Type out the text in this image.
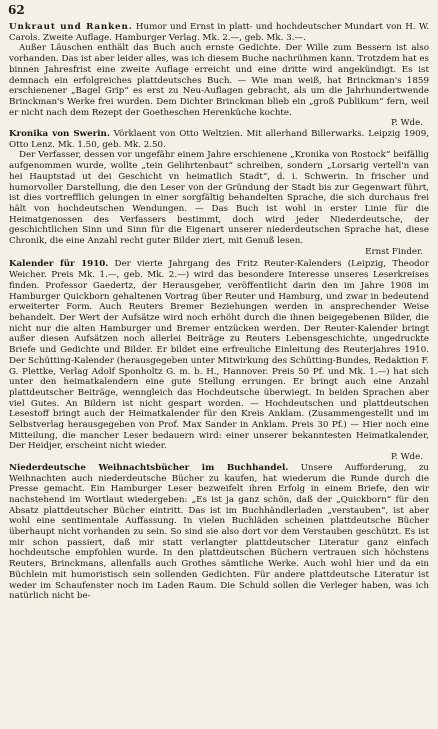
62

Unkraut und Ranken. Humor und Ernst in platt- und hochdeutscher Mundart von H. W. Carols. Zweite Auflage. Hamburger Verlag. Mk. 2.—, geb. Mk. 3.—.

Außer Läuschen enthält das Buch auch ernste Gedichte. Der Wille zum Bessern ist also vorhanden. Das ist aber leider alles, was ich diesem Buche nachrühmen kann. Trotzdem hat es binnen Jahresfrist eine zweite Auflage erreicht und eine dritte wird angekündigt. Es ist demnach ein erfolgreiches plattdeutsches Buch. — Wie man weiß, hat Brinckman's 1859 erschienener „Bagel Grip“ es erst zu Neu-Auflagen gebracht, als um die Jahrhundertwende Brinckman's Werke frei wurden. Dem Dichter Brinckman blieb ein „groß Publikum“ fern, weil er nicht nach dem Rezept der Goetheschen Herenküche kochte.

P. Wde.

Kronika von Swerin. Vörklaent von Otto Weltzien. Mit allerhand Billerwarks. Leipzig 1909, Otto Lenz. Mk. 1.50, geb. Mk. 2.50.

Der Verfasser, dessen vor ungefähr einem Jahre erschienene „Kronika von Rostock“ beifällig aufgenommen wurde, wollte „tein Gelihrtenbaut“ schreiben, sondern „Lorsarig vertell'n van hei Hauptstad ut dei Geschicht vn heimatlich Stadt“, d. i. Schwerin. In frischer und humorvoller Darstellung, die den Leser von der Gründung der Stadt bis zur Gegenwart führt, ist dies vortrefflich gelungen in einer sorgfältig behandelten Sprache, die sich durchaus frei hält von hochdeutschen Wendungen. — Das Buch ist wohl in erster Linie für die Heimatgenossen des Verfassers bestimmt, doch wird jeder Niederdeutsche, der geschichtlichen Sinn und Sinn für die Eigenart unserer niederdeutschen Sprache hat, diese Chronik, die eine Anzahl recht guter Bilder ziert, mit Genuß lesen.

Ernst Finder.

Kalender für 1910. Der vierte Jahrgang des Fritz Reuter-Kalenders (Leipzig, Theodor Weicher. Preis Mk. 1.—, geb. Mk. 2.—) wird das besondere Interesse unseres Leserkreises finden. Professor Gaedertz, der Herausgeber, veröffentlicht darin den im Jahre 1908 im Hamburger Quickborn gehaltenen Vortrag über Reuter und Hamburg, und zwar in bedeutend erweiterter Form. Auch Reuters Bremer Beziehungen werden in ansprechender Weise behandelt. Der Wert der Aufsätze wird noch erhöht durch die ihnen beigegebenen Bilder, die nicht nur die alten Hamburger und Bremer entzücken werden. Der Reuter-Kalender bringt außer diesen Aufsätzen noch allerlei Beiträge zu Reuters Lebensgeschichte, ungedruckte Briefe und Gedichte und Bilder. Er bildet eine erfreuliche Einleitung des Reuterjahres 1910. Der Schütting-Kalender (herausgegeben unter Mitwirkung des Schütting-Bundes, Redaktion F. G. Plettke, Verlag Adolf Sponholtz G. m. b. H., Hannover. Preis 50 Pf. und Mk. 1.—) hat sich unter den heimatkalendern eine gute Stellung errungen. Er bringt auch eine Anzahl plattdeutscher Beiträge, wenngleich das Hochdeutsche überwiegt. In beiden Sprachen aber viel Gutes. An Bildern ist nicht gespart worden. — Hochdeutschen und plattdeutschen Lesestoff bringt auch der Heimatkalender für den Kreis Anklam. (Zusammengestellt und im Selbstverlag herausgegeben von Prof. Max Sander in Anklam. Preis 30 Pf.) — Hier noch eine Mitteilung, die mancher Leser bedauern wird: einer unserer bekanntesten Heimatkalender, Der Heidjer, erscheint nicht wieder.

P. Wde.

Niederdeutsche Weihnachtsbücher im Buchhandel. Unsere Aufforderung, zu Weihnachten auch niederdeutsche Bücher zu kaufen, hat wiederum die Runde durch die Presse gemacht. Ein Hamburger Leser bezweifelt ihren Erfolg in einem Briefe, den wir nachstehend im Wortlaut wiedergeben: „Es ist ja ganz schön, daß der „Quickborn“ für den Absatz plattdeutscher Bücher eintritt. Das ist im Buchhändlerladen „verstauben“, ist aber wohl eine sentimentale Auffassung. In vielen Buchläden scheinen plattdeutsche Bücher überhaupt nicht vorhanden zu sein. So sind sie also dort vor dem Verstauben geschützt. Es ist mir schon passiert, daß mir statt verlangter plattdeutscher Literatur ganz einfach hochdeutsche empfohlen wurde. In den plattdeutschen Büchern vertrauen sich höchstens Reuters, Brinckmans, allenfalls auch Grothes sämtliche Werke. Auch wohl hier und da ein Büchlein mit humoristisch sein sollenden Gedichten. Für andere plattdeutsche Literatur ist weder im Schaufenster noch im Laden Raum. Die Schuld sollen die Verleger haben, was ich natürlich nicht be-
